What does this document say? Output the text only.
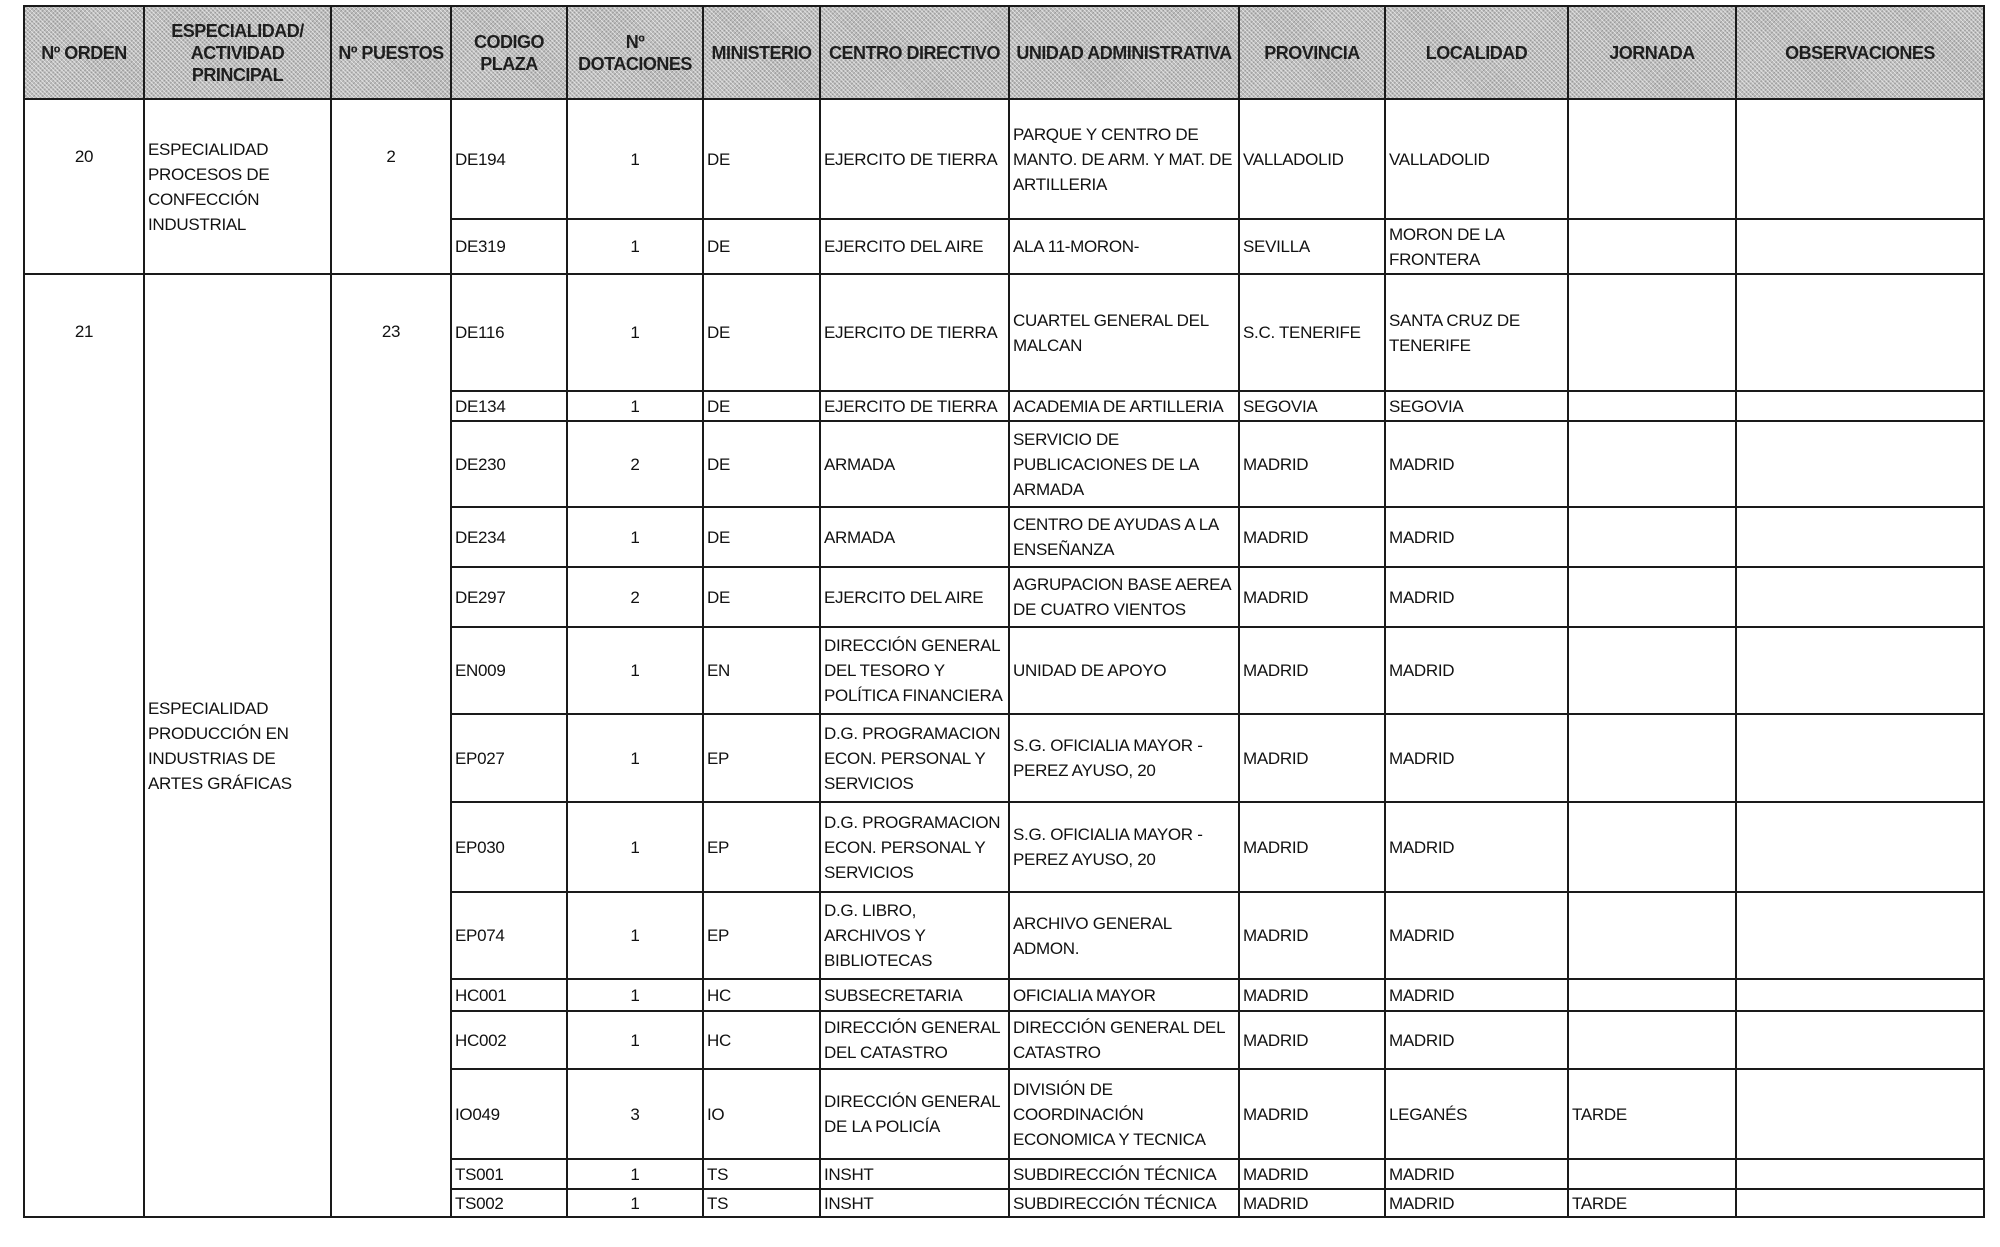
Nº ORDEN	ESPECIALIDAD/ ACTIVIDAD PRINCIPAL	Nº PUESTOS	CODIGO PLAZA	Nº DOTACIONES	MINISTERIO	CENTRO DIRECTIVO	UNIDAD ADMINISTRATIVA	PROVINCIA	LOCALIDAD	JORNADA	OBSERVACIONES
20	ESPECIALIDAD PROCESOS DE CONFECCIÓN INDUSTRIAL	2	DE194	1	DE	EJERCITO DE TIERRA	PARQUE Y CENTRO DE MANTO. DE ARM. Y MAT. DE ARTILLERIA	VALLADOLID	VALLADOLID		
			DE319	1	DE	EJERCITO DEL AIRE	ALA 11-MORON-	SEVILLA	MORON DE LA FRONTERA		
21	ESPECIALIDAD PRODUCCIÓN EN INDUSTRIAS DE ARTES GRÁFICAS	23	DE116	1	DE	EJERCITO DE TIERRA	CUARTEL GENERAL DEL MALCAN	S.C. TENERIFE	SANTA CRUZ DE TENERIFE		
			DE134	1	DE	EJERCITO DE TIERRA	ACADEMIA DE ARTILLERIA	SEGOVIA	SEGOVIA		
			DE230	2	DE	ARMADA	SERVICIO DE PUBLICACIONES DE LA ARMADA	MADRID	MADRID		
			DE234	1	DE	ARMADA	CENTRO DE AYUDAS A LA ENSEÑANZA	MADRID	MADRID		
			DE297	2	DE	EJERCITO DEL AIRE	AGRUPACION BASE AEREA DE CUATRO VIENTOS	MADRID	MADRID		
			EN009	1	EN	DIRECCIÓN GENERAL DEL TESORO Y POLÍTICA FINANCIERA	UNIDAD DE APOYO	MADRID	MADRID		
			EP027	1	EP	D.G. PROGRAMACION ECON. PERSONAL Y SERVICIOS	S.G. OFICIALIA MAYOR - PEREZ AYUSO, 20	MADRID	MADRID		
			EP030	1	EP	D.G. PROGRAMACION ECON. PERSONAL Y SERVICIOS	S.G. OFICIALIA MAYOR - PEREZ AYUSO, 20	MADRID	MADRID		
			EP074	1	EP	D.G. LIBRO, ARCHIVOS Y BIBLIOTECAS	ARCHIVO GENERAL ADMON.	MADRID	MADRID		
			HC001	1	HC	SUBSECRETARIA	OFICIALIA MAYOR	MADRID	MADRID		
			HC002	1	HC	DIRECCIÓN GENERAL DEL CATASTRO	DIRECCIÓN GENERAL DEL CATASTRO	MADRID	MADRID		
			IO049	3	IO	DIRECCIÓN GENERAL DE LA POLICÍA	DIVISIÓN DE COORDINACIÓN ECONOMICA Y TECNICA	MADRID	LEGANÉS	TARDE	
			TS001	1	TS	INSHT	SUBDIRECCIÓN TÉCNICA	MADRID	MADRID		
			TS002	1	TS	INSHT	SUBDIRECCIÓN TÉCNICA	MADRID	MADRID	TARDE	
